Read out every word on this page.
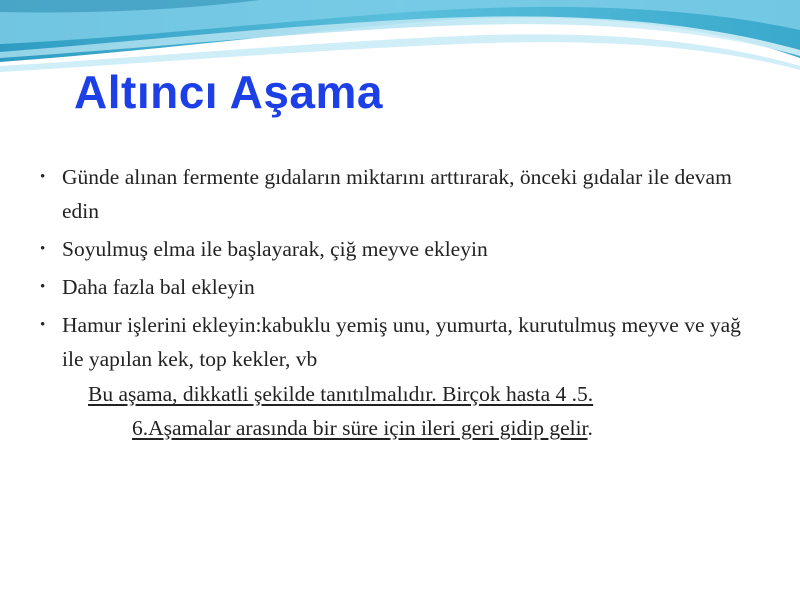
Altıncı Aşama
• Günde alınan fermente gıdaların miktarını arttırarak, önceki gıdalar ile devam edin
• Soyulmuş elma ile başlayarak, çiğ meyve ekleyin
• Daha fazla bal ekleyin
• Hamur işlerini ekleyin:kabuklu yemiş unu, yumurta, kurutulmuş meyve ve yağ ile yapılan kek, top kekler, vb

Bu aşama, dikkatli şekilde tanıtılmalıdır. Birçok hasta 4 .5.
6.Aşamalar arasında bir süre için ileri geri gidip gelir.
